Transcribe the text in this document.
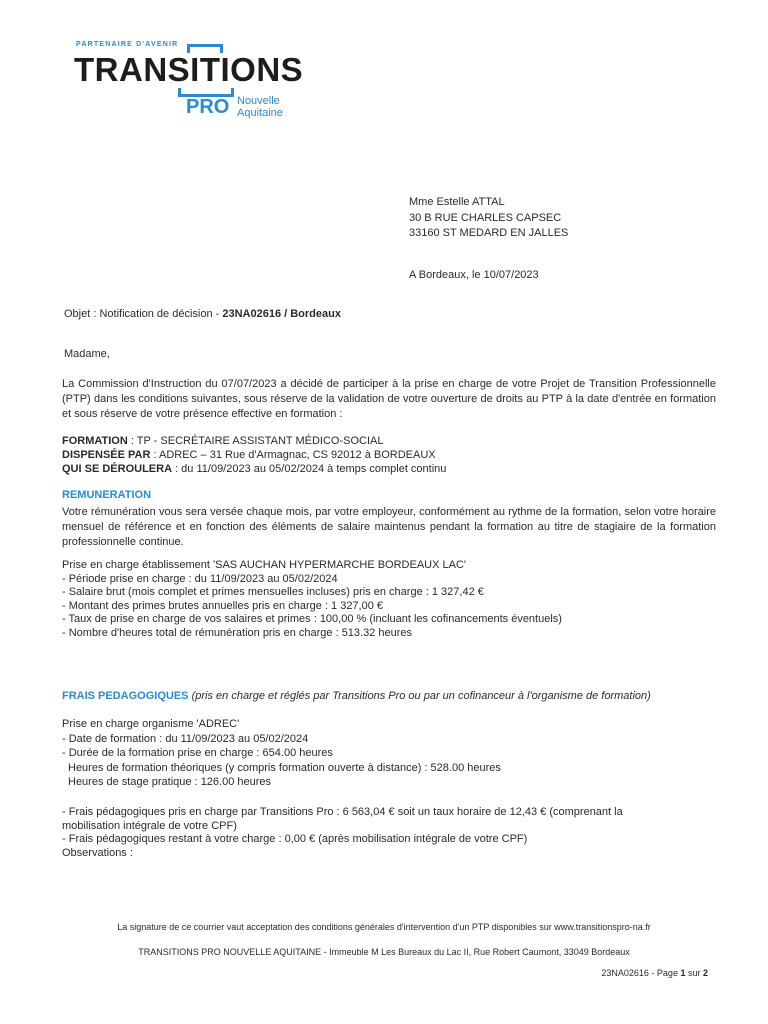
PARTENAIRE D'AVENIR
TRANSITIONS
PRO Nouvelle
Aquitaine
Mme Estelle ATTAL
30 B RUE CHARLES CAPSEC
33160 ST MEDARD EN JALLES
A Bordeaux, le 10/07/2023
Objet : Notification de décision - 23NA02616 / Bordeaux
Madame,
La Commission d'Instruction du 07/07/2023 a décidé de participer à la prise en charge de votre Projet de Transition Professionnelle (PTP) dans les conditions suivantes, sous réserve de la validation de votre ouverture de droits au PTP à la date d'entrée en formation et sous réserve de votre présence effective en formation :
FORMATION : TP - SECRÉTAIRE ASSISTANT MÉDICO-SOCIAL
DISPENSÉE PAR : ADREC – 31 Rue d'Armagnac, CS 92012 à BORDEAUX
QUI SE DÉROULERA : du 11/09/2023 au 05/02/2024 à temps complet continu
REMUNERATION
Votre rémunération vous sera versée chaque mois, par votre employeur, conformément au rythme de la formation, selon votre horaire mensuel de référence et en fonction des éléments de salaire maintenus pendant la formation au titre de stagiaire de la formation professionnelle continue.
Prise en charge établissement 'SAS AUCHAN HYPERMARCHE BORDEAUX LAC'
- Période prise en charge : du 11/09/2023 au 05/02/2024
- Salaire brut (mois complet et primes mensuelles incluses) pris en charge : 1 327,42 €
- Montant des primes brutes annuelles pris en charge : 1 327,00 €
- Taux de prise en charge de vos salaires et primes : 100,00 % (incluant les cofinancements éventuels)
- Nombre d'heures total de rémunération pris en charge : 513.32 heures
FRAIS PEDAGOGIQUES (pris en charge et réglés par Transitions Pro ou par un cofinanceur à l'organisme de formation)
Prise en charge organisme 'ADREC'
- Date de formation : du 11/09/2023 au 05/02/2024
- Durée de la formation prise en charge : 654.00 heures
Heures de formation théoriques (y compris formation ouverte à distance) : 528.00 heures
Heures de stage pratique : 126.00 heures
- Frais pédagogiques pris en charge par Transitions Pro : 6 563,04 € soit un taux horaire de 12,43 € (comprenant la
mobilisation intégrale de votre CPF)
- Frais pédagogiques restant à votre charge : 0,00 € (après mobilisation intégrale de votre CPF)
Observations :
La signature de ce courrier vaut acceptation des conditions générales d'intervention d'un PTP disponibles sur www.transitionspro-na.fr
TRANSITIONS PRO NOUVELLE AQUITAINE - Immeuble M Les Bureaux du Lac II, Rue Robert Caumont, 33049 Bordeaux
23NA02616 - Page 1 sur 2
